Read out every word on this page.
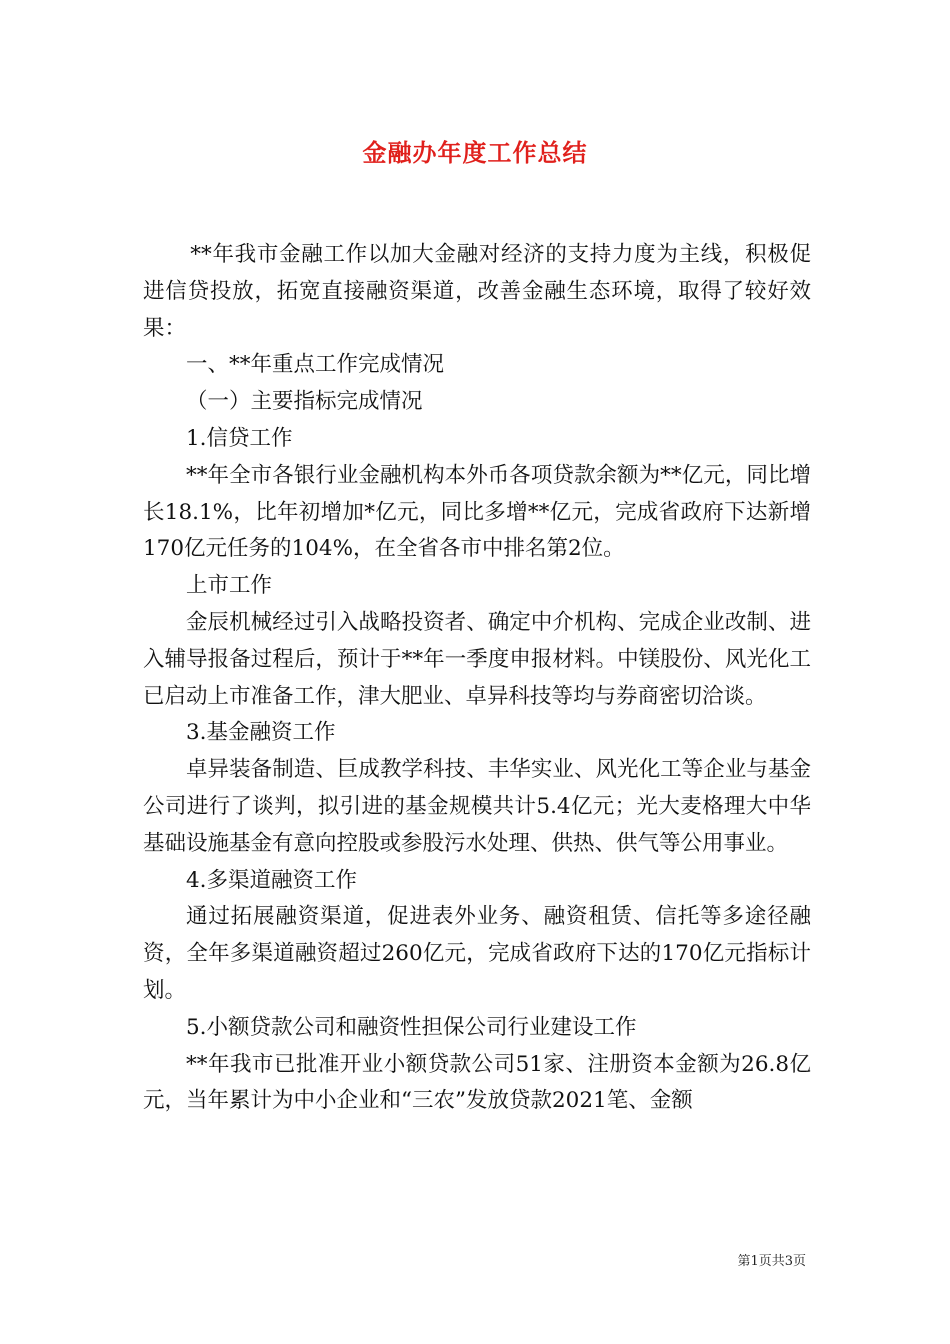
金融办年度工作总结

**年我市金融工作以加大金融对经济的支持力度为主线，积极促进信贷投放，拓宽直接融资渠道，改善金融生态环境，取得了较好效果：

一、**年重点工作完成情况

（一）主要指标完成情况

1.信贷工作

**年全市各银行业金融机构本外币各项贷款余额为**亿元，同比增长18.1%，比年初增加*亿元，同比多增**亿元，完成省政府下达新增170亿元任务的104%，在全省各市中排名第2位。

上市工作

金辰机械经过引入战略投资者、确定中介机构、完成企业改制、进入辅导报备过程后，预计于**年一季度申报材料。中镁股份、风光化工已启动上市准备工作，津大肥业、卓异科技等均与券商密切洽谈。

3.基金融资工作

卓异装备制造、巨成教学科技、丰华实业、风光化工等企业与基金公司进行了谈判，拟引进的基金规模共计5.4亿元；光大麦格理大中华基础设施基金有意向控股或参股污水处理、供热、供气等公用事业。

4.多渠道融资工作

通过拓展融资渠道，促进表外业务、融资租赁、信托等多途径融资，全年多渠道融资超过260亿元，完成省政府下达的170亿元指标计划。

5.小额贷款公司和融资性担保公司行业建设工作

**年我市已批准开业小额贷款公司51家、注册资本金额为26.8亿元，当年累计为中小企业和“三农”发放贷款2021笔、金额

第1页共3页
